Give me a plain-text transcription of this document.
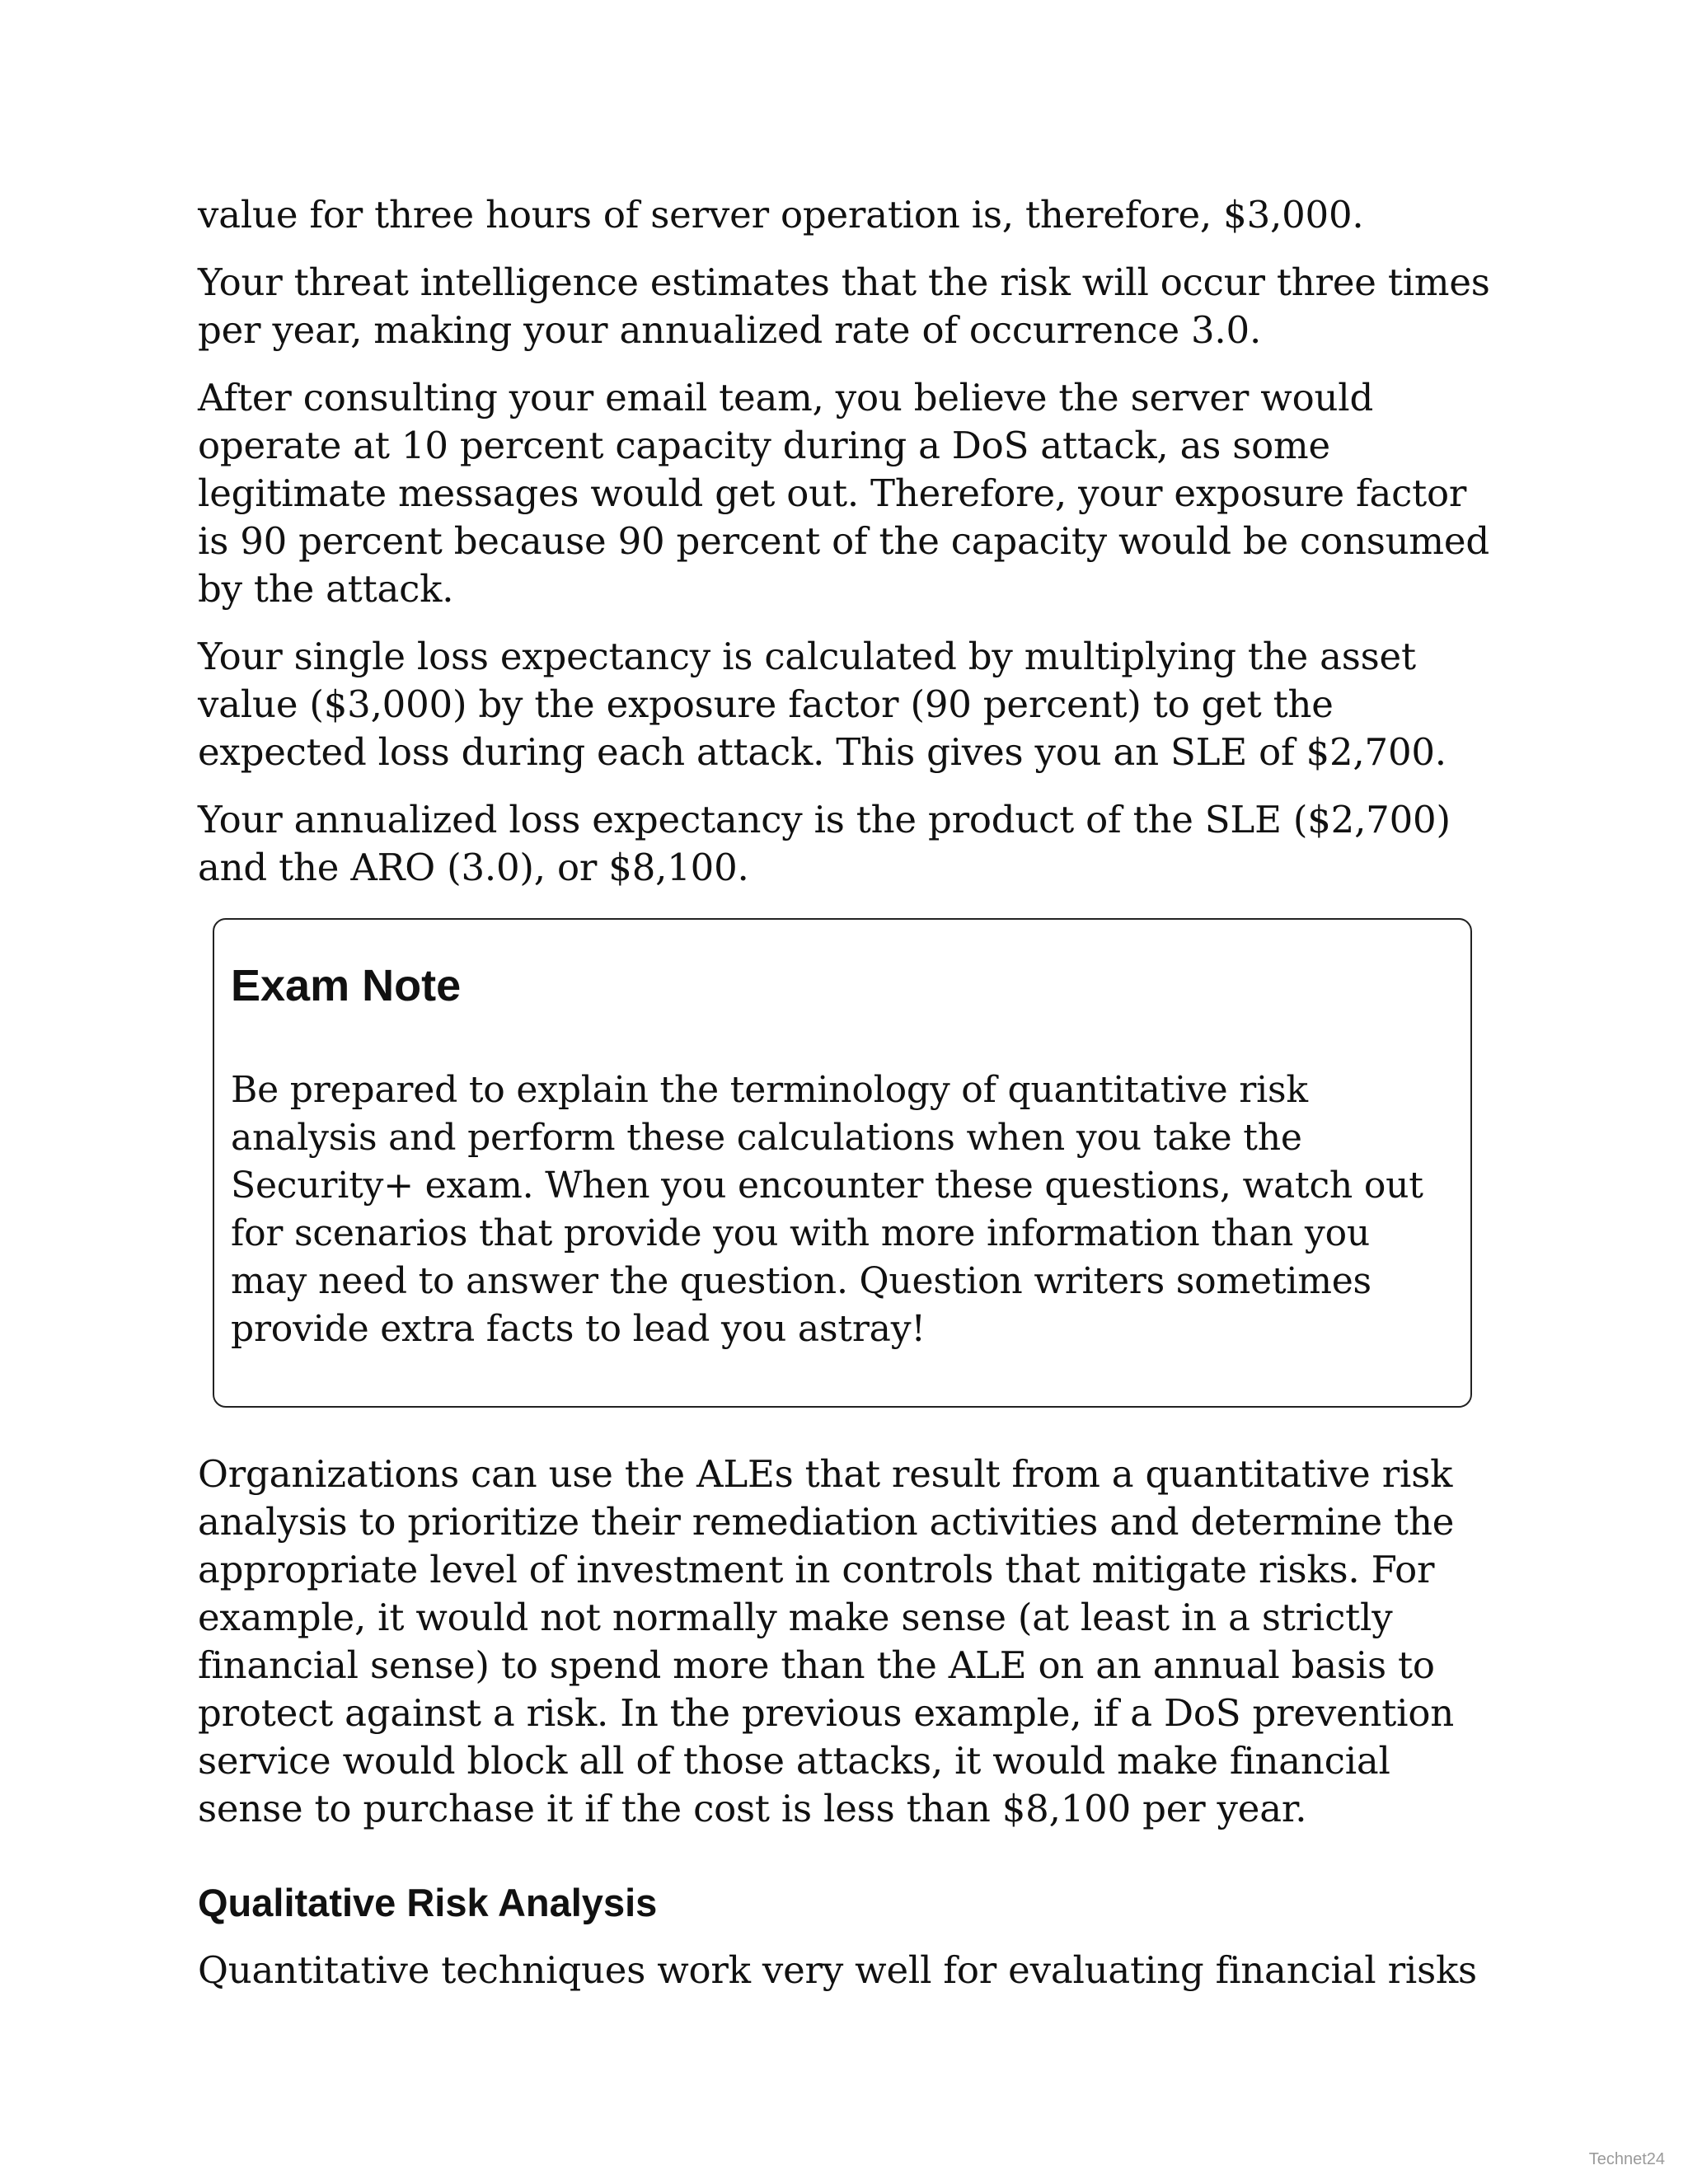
value for three hours of server operation is, therefore, $3,000.

Your threat intelligence estimates that the risk will occur three times per year, making your annualized rate of occurrence 3.0.

After consulting your email team, you believe the server would operate at 10 percent capacity during a DoS attack, as some legitimate messages would get out. Therefore, your exposure factor is 90 percent because 90 percent of the capacity would be consumed by the attack.

Your single loss expectancy is calculated by multiplying the asset value ($3,000) by the exposure factor (90 percent) to get the expected loss during each attack. This gives you an SLE of $2,700.

Your annualized loss expectancy is the product of the SLE ($2,700) and the ARO (3.0), or $8,100.

Exam Note

Be prepared to explain the terminology of quantitative risk analysis and perform these calculations when you take the Security+ exam. When you encounter these questions, watch out for scenarios that provide you with more information than you may need to answer the question. Question writers sometimes provide extra facts to lead you astray!

Organizations can use the ALEs that result from a quantitative risk analysis to prioritize their remediation activities and determine the appropriate level of investment in controls that mitigate risks. For example, it would not normally make sense (at least in a strictly financial sense) to spend more than the ALE on an annual basis to protect against a risk. In the previous example, if a DoS prevention service would block all of those attacks, it would make financial sense to purchase it if the cost is less than $8,100 per year.

Qualitative Risk Analysis

Quantitative techniques work very well for evaluating financial risks

Technet24
